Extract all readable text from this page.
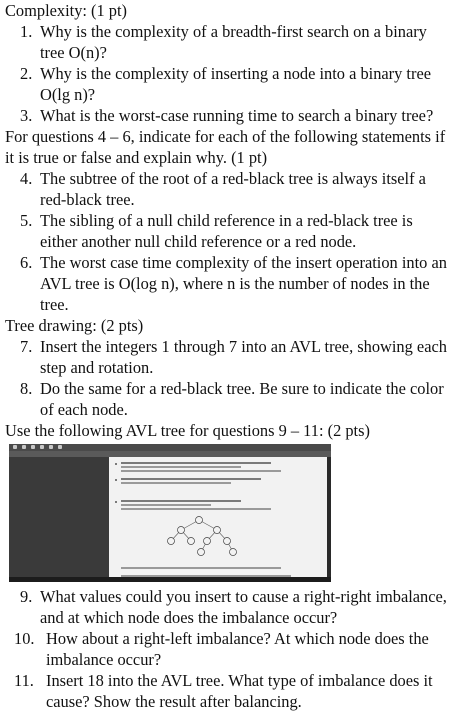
Complexity: (1 pt)
1. Why is the complexity of a breadth-first search on a binary tree O(n)?
2. Why is the complexity of inserting a node into a binary tree O(lg n)?
3. What is the worst-case running time to search a binary tree?
For questions 4 – 6, indicate for each of the following statements if it is true or false and explain why. (1 pt)
4. The subtree of the root of a red-black tree is always itself a red-black tree.
5. The sibling of a null child reference in a red-black tree is either another null child reference or a red node.
6. The worst case time complexity of the insert operation into an AVL tree is O(log n), where n is the number of nodes in the tree.
Tree drawing: (2 pts)
7. Insert the integers 1 through 7 into an AVL tree, showing each step and rotation.
8. Do the same for a red-black tree. Be sure to indicate the color of each node.
Use the following AVL tree for questions 9 – 11: (2 pts)
9. What values could you insert to cause a right-right imbalance, and at which node does the imbalance occur?
10. How about a right-left imbalance? At which node does the imbalance occur?
11. Insert 18 into the AVL tree. What type of imbalance does it cause? Show the result after balancing.
